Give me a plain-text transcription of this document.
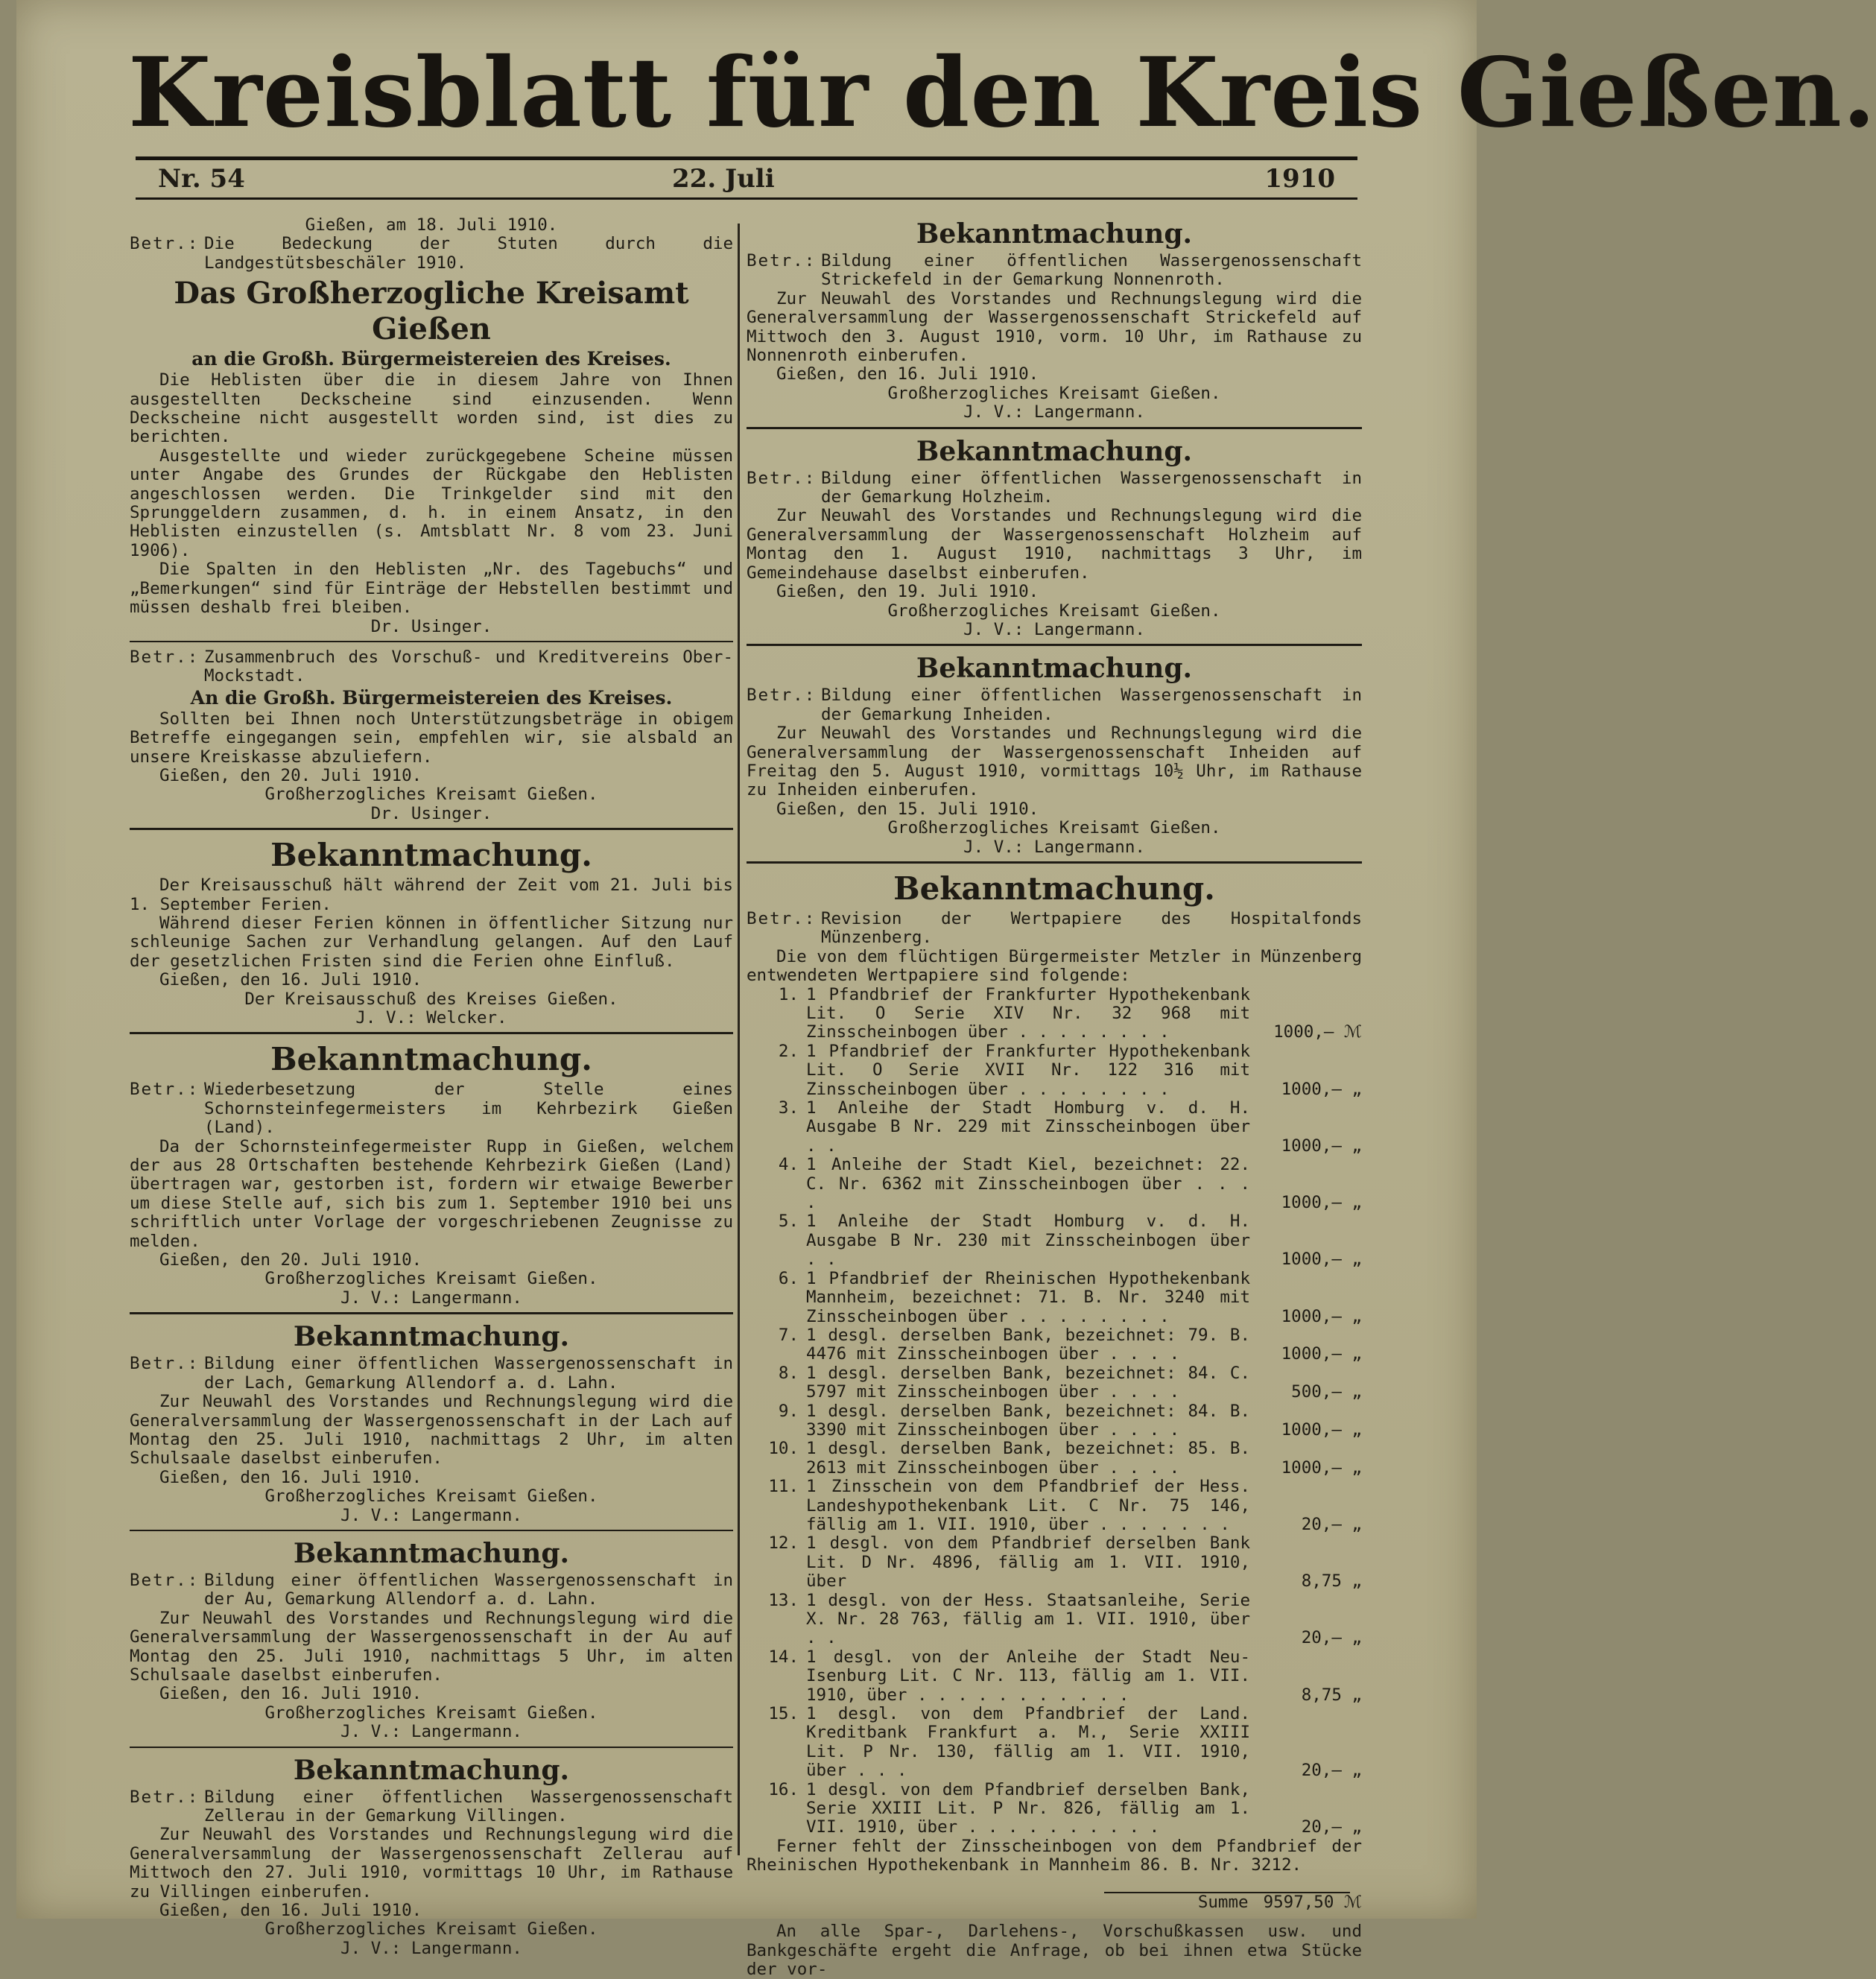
Kreisblatt für den Kreis Gießen.
Nr. 54	22. Juli	1910

Gießen, am 18. Juli 1910.

Betr.: Die Bedeckung der Stuten durch die Landgestütsbeschäler 1910.
Das Großherzogliche Kreisamt Gießen
an die Großh. Bürgermeistereien des Kreises.

Die Heblisten über die in diesem Jahre von Ihnen ausgestellten Deckscheine sind einzusenden. Wenn Deckscheine nicht ausgestellt worden sind, ist dies zu berichten.

Ausgestellte und wieder zurückgegebene Scheine müssen unter Angabe des Grundes der Rückgabe den Heblisten angeschlossen werden. Die Trinkgelder sind mit den Sprunggeldern zusammen, d. h. in einem Ansatz, in den Heblisten einzustellen (s. Amtsblatt Nr. 8 vom 23. Juni 1906).

Die Spalten in den Heblisten „Nr. des Tagebuchs“ und „Bemerkungen“ sind für Einträge der Hebstellen bestimmt und müssen deshalb frei bleiben.

Dr. Usinger.

Betr.: Zusammenbruch des Vorschuß- und Kreditvereins Ober-Mockstadt.
An die Großh. Bürgermeistereien des Kreises.

Sollten bei Ihnen noch Unterstützungsbeträge in obigem Betreffe eingegangen sein, empfehlen wir, sie alsbald an unsere Kreiskasse abzuliefern.

Gießen, den 20. Juli 1910.

Großherzogliches Kreisamt Gießen.

Dr. Usinger.

Bekanntmachung.

Der Kreisausschuß hält während der Zeit vom 21. Juli bis 1. September Ferien.

Während dieser Ferien können in öffentlicher Sitzung nur schleunige Sachen zur Verhandlung gelangen. Auf den Lauf der gesetzlichen Fristen sind die Ferien ohne Einfluß.

Gießen, den 16. Juli 1910.

Der Kreisausschuß des Kreises Gießen.

J. V.: Welcker.

Bekanntmachung.
Betr.: Wiederbesetzung der Stelle eines Schornsteinfegermeisters im Kehrbezirk Gießen (Land).

Da der Schornsteinfegermeister Rupp in Gießen, welchem der aus 28 Ortschaften bestehende Kehrbezirk Gießen (Land) übertragen war, gestorben ist, fordern wir etwaige Bewerber um diese Stelle auf, sich bis zum 1. September 1910 bei uns schriftlich unter Vorlage der vorgeschriebenen Zeugnisse zu melden.

Gießen, den 20. Juli 1910.

Großherzogliches Kreisamt Gießen.

J. V.: Langermann.

Bekanntmachung.
Betr.: Bildung einer öffentlichen Wassergenossenschaft in der Lach, Gemarkung Allendorf a. d. Lahn.

Zur Neuwahl des Vorstandes und Rechnungslegung wird die Generalversammlung der Wassergenossenschaft in der Lach auf Montag den 25. Juli 1910, nachmittags 2 Uhr, im alten Schulsaale daselbst einberufen.

Gießen, den 16. Juli 1910.

Großherzogliches Kreisamt Gießen.

J. V.: Langermann.

Bekanntmachung.
Betr.: Bildung einer öffentlichen Wassergenossenschaft in der Au, Gemarkung Allendorf a. d. Lahn.

Zur Neuwahl des Vorstandes und Rechnungslegung wird die Generalversammlung der Wassergenossenschaft in der Au auf Montag den 25. Juli 1910, nachmittags 5 Uhr, im alten Schulsaale daselbst einberufen.

Gießen, den 16. Juli 1910.

Großherzogliches Kreisamt Gießen.

J. V.: Langermann.

Bekanntmachung.
Betr.: Bildung einer öffentlichen Wassergenossenschaft Zellerau in der Gemarkung Villingen.

Zur Neuwahl des Vorstandes und Rechnungslegung wird die Generalversammlung der Wassergenossenschaft Zellerau auf Mittwoch den 27. Juli 1910, vormittags 10 Uhr, im Rathause zu Villingen einberufen.

Gießen, den 16. Juli 1910.

Großherzogliches Kreisamt Gießen.

J. V.: Langermann.

Bekanntmachung.
Betr.: Bildung einer öffentlichen Wassergenossenschaft Strickefeld in der Gemarkung Nonnenroth.

Zur Neuwahl des Vorstandes und Rechnungslegung wird die Generalversammlung der Wassergenossenschaft Strickefeld auf Mittwoch den 3. August 1910, vorm. 10 Uhr, im Rathause zu Nonnenroth einberufen.

Gießen, den 16. Juli 1910.

Großherzogliches Kreisamt Gießen.

J. V.: Langermann.

Bekanntmachung.
Betr.: Bildung einer öffentlichen Wassergenossenschaft in der Gemarkung Holzheim.

Zur Neuwahl des Vorstandes und Rechnungslegung wird die Generalversammlung der Wassergenossenschaft Holzheim auf Montag den 1. August 1910, nachmittags 3 Uhr, im Gemeindehause daselbst einberufen.

Gießen, den 19. Juli 1910.

Großherzogliches Kreisamt Gießen.

J. V.: Langermann.

Bekanntmachung.
Betr.: Bildung einer öffentlichen Wassergenossenschaft in der Gemarkung Inheiden.

Zur Neuwahl des Vorstandes und Rechnungslegung wird die Generalversammlung der Wassergenossenschaft Inheiden auf Freitag den 5. August 1910, vormittags 10½ Uhr, im Rathause zu Inheiden einberufen.

Gießen, den 15. Juli 1910.

Großherzogliches Kreisamt Gießen.

J. V.: Langermann.

Bekanntmachung.
Betr.: Revision der Wertpapiere des Hospitalfonds Münzenberg.

Die von dem flüchtigen Bürgermeister Metzler in Münzenberg entwendeten Wertpapiere sind folgende:

1. 1 Pfandbrief der Frankfurter Hypothekenbank Lit. O Serie XIV Nr. 32 968 mit Zinsscheinbogen über . . . . . . . .	1000,— ℳ
2. 1 Pfandbrief der Frankfurter Hypothekenbank Lit. O Serie XVII Nr. 122 316 mit Zinsscheinbogen über . . . . . . . .	1000,— „
3. 1 Anleihe der Stadt Homburg v. d. H. Ausgabe B Nr. 229 mit Zinsscheinbogen über . .	1000,— „
4. 1 Anleihe der Stadt Kiel, bezeichnet: 22. C. Nr. 6362 mit Zinsscheinbogen über . . . .	1000,— „
5. 1 Anleihe der Stadt Homburg v. d. H. Ausgabe B Nr. 230 mit Zinsscheinbogen über . .	1000,— „
6. 1 Pfandbrief der Rheinischen Hypothekenbank Mannheim, bezeichnet: 71. B. Nr. 3240 mit Zinsscheinbogen über . . . . . . . .	1000,— „
7. 1 desgl. derselben Bank, bezeichnet: 79. B. 4476 mit Zinsscheinbogen über . . . .	1000,— „
8. 1 desgl. derselben Bank, bezeichnet: 84. C. 5797 mit Zinsscheinbogen über . . . .	500,— „
9. 1 desgl. derselben Bank, bezeichnet: 84. B. 3390 mit Zinsscheinbogen über . . . .	1000,— „
10. 1 desgl. derselben Bank, bezeichnet: 85. B. 2613 mit Zinsscheinbogen über . . . .	1000,— „
11. 1 Zinsschein von dem Pfandbrief der Hess. Landeshypothekenbank Lit. C Nr. 75 146, fällig am 1. VII. 1910, über . . . . . . .	20,— „
12. 1 desgl. von dem Pfandbrief derselben Bank Lit. D Nr. 4896, fällig am 1. VII. 1910, über	8,75 „
13. 1 desgl. von der Hess. Staatsanleihe, Serie X. Nr. 28 763, fällig am 1. VII. 1910, über . .	20,— „
14. 1 desgl. von der Anleihe der Stadt Neu-Isenburg Lit. C Nr. 113, fällig am 1. VII. 1910, über . . . . . . . . . . .	8,75 „
15. 1 desgl. von dem Pfandbrief der Land. Kreditbank Frankfurt a. M., Serie XXIII Lit. P Nr. 130, fällig am 1. VII. 1910, über . . .	20,— „
16. 1 desgl. von dem Pfandbrief derselben Bank, Serie XXIII Lit. P Nr. 826, fällig am 1. VII. 1910, über . . . . . . . . . .	20,— „

Ferner fehlt der Zinsscheinbogen von dem Pfandbrief der Rheinischen Hypothekenbank in Mannheim 86. B. Nr. 3212.

Summe 9597,50 ℳ

An alle Spar-, Darlehens-, Vorschußkassen usw. und Bankgeschäfte ergeht die Anfrage, ob bei ihnen etwa Stücke der vor-
